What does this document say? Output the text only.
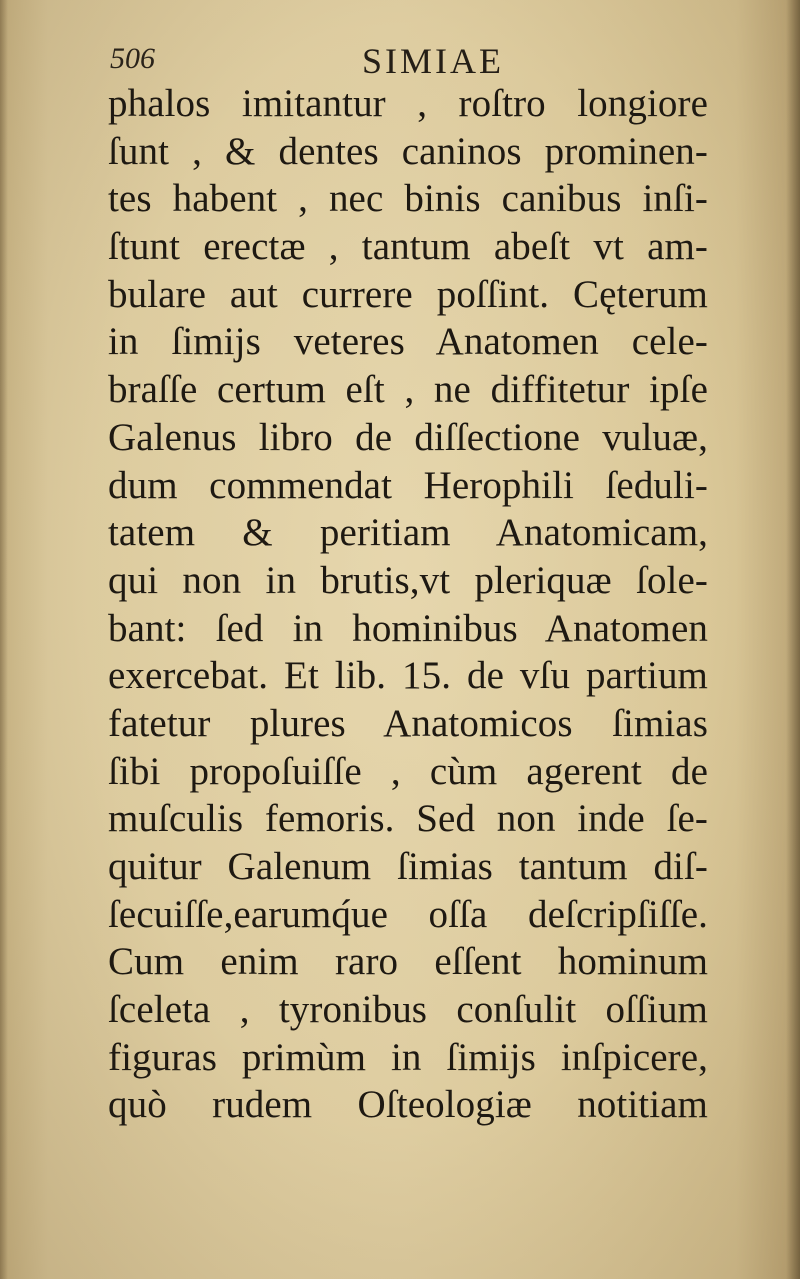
506	SIMIAE
phalos imitantur , roſtro longiore
ſunt , & dentes caninos prominen-
tes habent , nec binis canibus inſi-
ſtunt erectæ , tantum abeſt vt am-
bulare aut currere poſſint. Cęterum
in ſimijs veteres Anatomen cele-
braſſe certum eſt , ne diffitetur ipſe
Galenus libro de diſſectione vuluæ,
dum commendat Herophili ſeduli-
tatem & peritiam Anatomicam,
qui non in brutis,vt pleriquæ ſole-
bant: ſed in hominibus Anatomen
exercebat. Et lib. 15. de vſu partium
fatetur plures Anatomicos ſimias
ſibi propoſuiſſe , cùm agerent de
muſculis femoris. Sed non inde ſe-
quitur Galenum ſimias tantum diſ-
ſecuiſſe,earumq́ue oſſa deſcripſiſſe.
Cum enim raro eſſent hominum
ſceleta , tyronibus conſulit oſſium
figuras primùm in ſimijs inſpicere,
quò rudem Oſteologiæ notitiam
